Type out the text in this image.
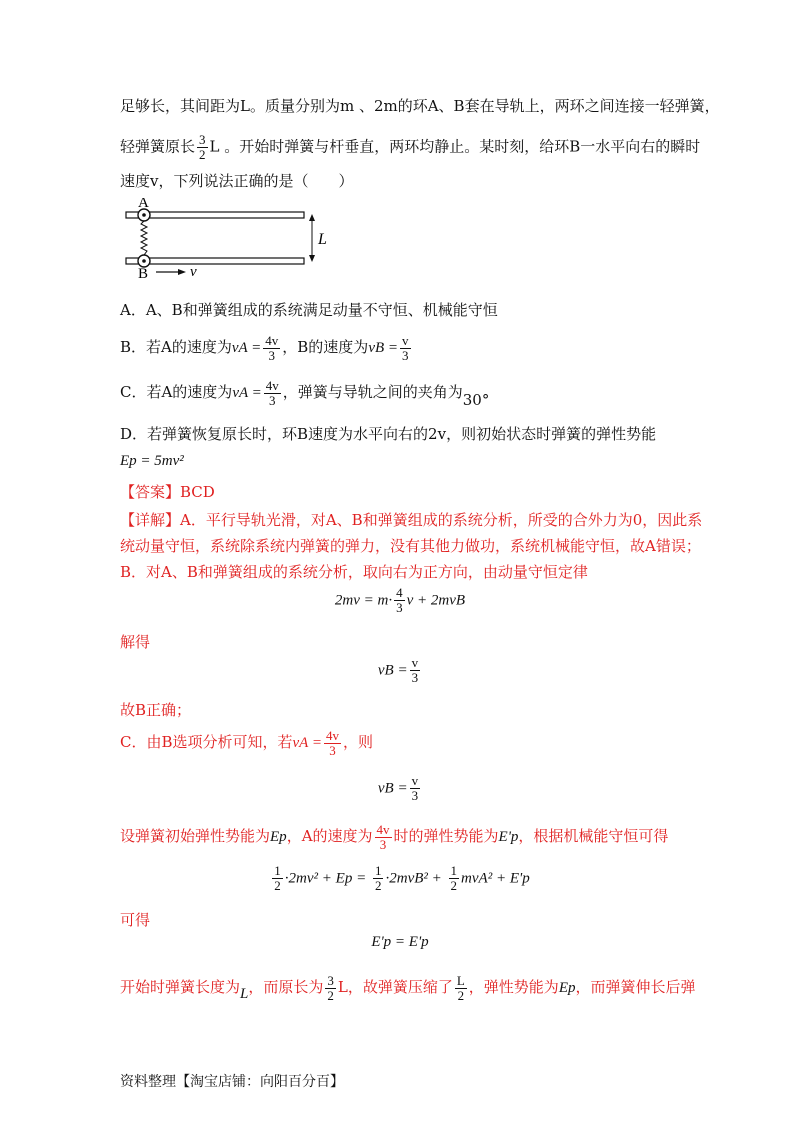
足够长，其间距为L。质量分别为m 、2m的环A、B套在导轨上，两环之间连接一轻弹簧，
轻弹簧原长 $\frac{3}{2}$ L 。开始时弹簧与杆垂直，两环均静止。某时刻，给环B一水平向右的瞬时
速度v，下列说法正确的是（　　）
L
A
B	v
A．A、B和弹簧组成的系统满足动量不守恒、机械能守恒
B．若A的速度为vA = $\frac{4v}{3}$ ，B的速度为vB = $\frac{v}{3}$
C．若A的速度为vA = $\frac{4v}{3}$ ，弹簧与导轨之间的夹角为30°
D．若弹簧恢复原长时，环B速度为水平向右的2v，则初始状态时弹簧的弹性势能
Ep = 5mv²
【答案】BCD
【详解】A．平行导轨光滑，对A、B和弹簧组成的系统分析，所受的合外力为0，因此系
统动量守恒，系统除系统内弹簧的弹力，没有其他力做功，系统机械能守恒，故A错误；
B．对A、B和弹簧组成的系统分析，取向右为正方向，由动量守恒定律
$2mv = m\cdot \frac{4}{3}$ v + 2mvB
解得
vB = $\frac{v}{3}$
故B正确；
C．由B选项分析可知，若vA = $\frac{4v}{3}$ ，则
vB = $\frac{v}{3}$
设弹簧初始弹性势能为Ep，A的速度为 $\frac{4v}{3}$ 时的弹性势能为E'p，根据机械能守恒可得
$\frac{1}{2} \cdot 2mv^2 + Ep = \frac{1}{2} \cdot 2mvB^2 + \frac{1}{2} mvA^2 + E'p$
可得
E'p = E'p
开始时弹簧长度为L，而原长为 $\frac{3}{2}$ L，故弹簧压缩了 $\frac{L}{2}$ ，弹性势能为Ep，而弹簧伸长后弹
资料整理【淘宝店铺：向阳百分百】
